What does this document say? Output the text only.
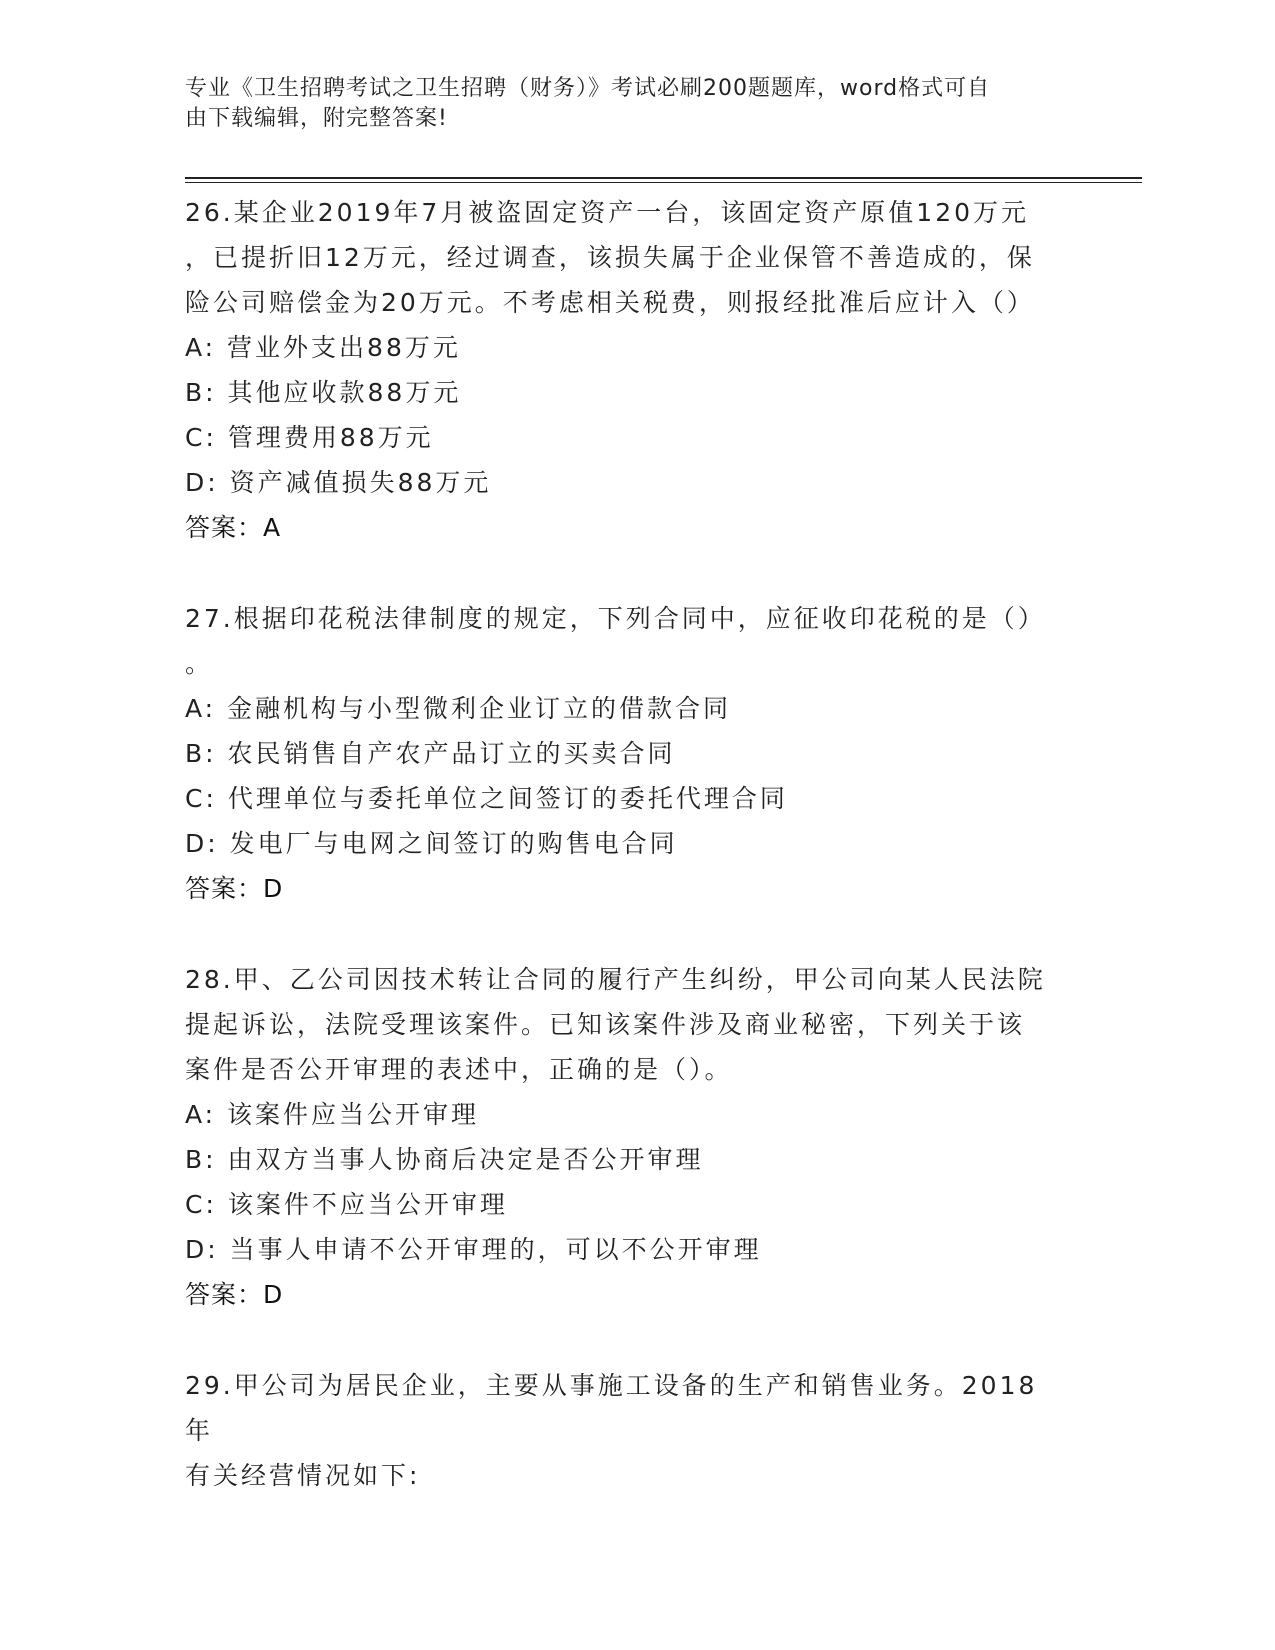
专业《卫生招聘考试之卫生招聘（财务）》考试必刷200题题库，word格式可自
由下载编辑，附完整答案!
26.某企业2019年7月被盗固定资产一台，该固定资产原值120万元
，已提折旧12万元，经过调查，该损失属于企业保管不善造成的，保
险公司赔偿金为20万元。不考虑相关税费，则报经批准后应计入（）
A: 营业外支出88万元
B: 其他应收款88万元
C: 管理费用88万元
D: 资产减值损失88万元
答案：A
27.根据印花税法律制度的规定，下列合同中，应征收印花税的是（）
。
A: 金融机构与小型微利企业订立的借款合同
B: 农民销售自产农产品订立的买卖合同
C: 代理单位与委托单位之间签订的委托代理合同
D: 发电厂与电网之间签订的购售电合同
答案：D
28.甲、乙公司因技术转让合同的履行产生纠纷，甲公司向某人民法院
提起诉讼，法院受理该案件。已知该案件涉及商业秘密，下列关于该
案件是否公开审理的表述中，正确的是（）。
A: 该案件应当公开审理
B: 由双方当事人协商后决定是否公开审理
C: 该案件不应当公开审理
D: 当事人申请不公开审理的，可以不公开审理
答案：D
29.甲公司为居民企业，主要从事施工设备的生产和销售业务。2018年
有关经营情况如下:
